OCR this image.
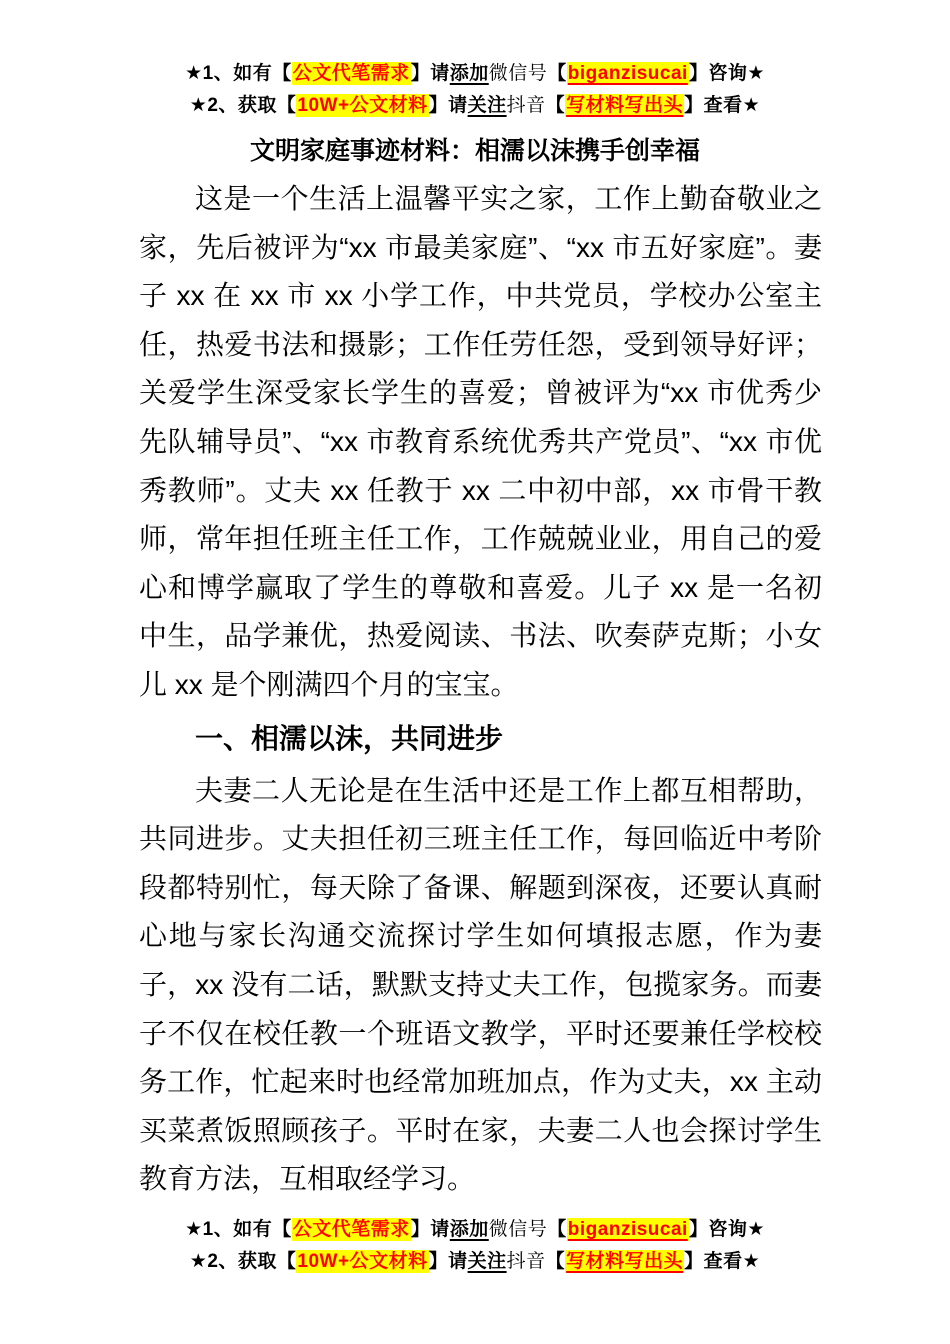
★1、如有【公文代笔需求】请添加微信号【biganzisucai】咨询★
★2、获取【10W+公文材料】请关注抖音【写材料写出头】查看★
文明家庭事迹材料：相濡以沫携手创幸福

这是一个生活上温馨平实之家，工作上勤奋敬业之家，先后被评为“xx 市最美家庭”、“xx 市五好家庭”。妻子 xx 在 xx 市 xx 小学工作，中共党员，学校办公室主任，热爱书法和摄影；工作任劳任怨，受到领导好评；关爱学生深受家长学生的喜爱；曾被评为“xx 市优秀少先队辅导员”、“xx 市教育系统优秀共产党员”、“xx 市优秀教师”。丈夫 xx 任教于 xx 二中初中部，xx 市骨干教师，常年担任班主任工作，工作兢兢业业，用自己的爱心和博学赢取了学生的尊敬和喜爱。儿子 xx 是一名初中生，品学兼优，热爱阅读、书法、吹奏萨克斯；小女儿 xx 是个刚满四个月的宝宝。

一、相濡以沫，共同进步

夫妻二人无论是在生活中还是工作上都互相帮助，共同进步。丈夫担任初三班主任工作，每回临近中考阶段都特别忙，每天除了备课、解题到深夜，还要认真耐心地与家长沟通交流探讨学生如何填报志愿，作为妻子，xx 没有二话，默默支持丈夫工作，包揽家务。而妻子不仅在校任教一个班语文教学，平时还要兼任学校校务工作，忙起来时也经常加班加点，作为丈夫，xx 主动买菜煮饭照顾孩子。平时在家，夫妻二人也会探讨学生教育方法，互相取经学习。

★1、如有【公文代笔需求】请添加微信号【biganzisucai】咨询★
★2、获取【10W+公文材料】请关注抖音【写材料写出头】查看★
